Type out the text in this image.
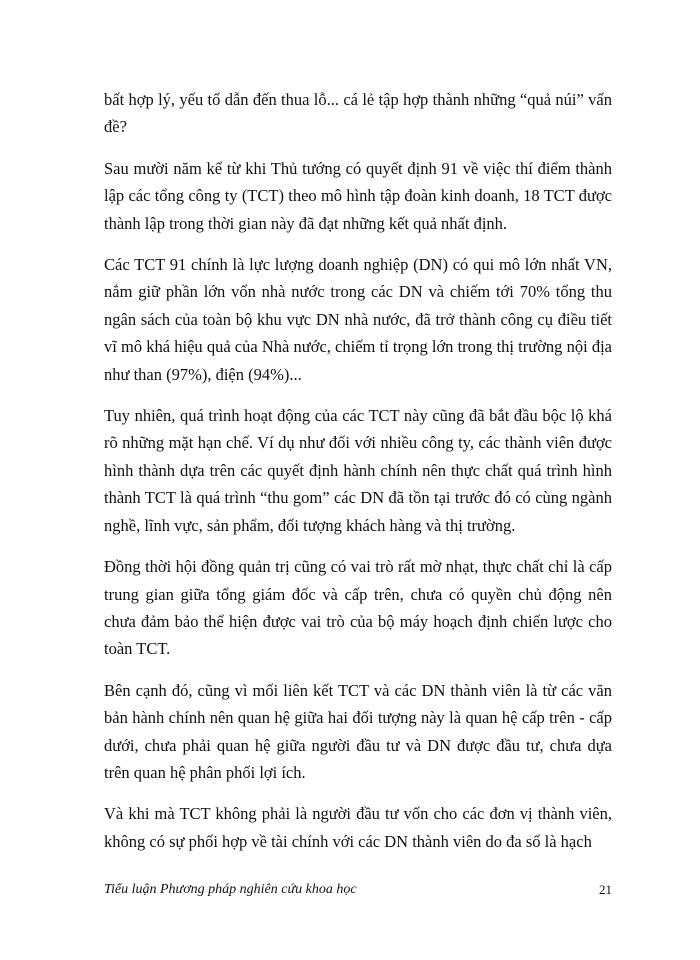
bất hợp lý, yếu tố dẫn đến thua lỗ... cá lẻ tập hợp thành những “quả núi” vấn đề?

Sau mười năm kể từ khi Thủ tướng có quyết định 91 về việc thí điểm thành lập các tổng công ty (TCT) theo mô hình tập đoàn kinh doanh, 18 TCT được thành lập trong thời gian này đã đạt những kết quả nhất định.

Các TCT 91 chính là lực lượng doanh nghiệp (DN) có qui mô lớn nhất VN, nắm giữ phần lớn vốn nhà nước trong các DN và chiếm tới 70% tổng thu ngân sách của toàn bộ khu vực DN nhà nước, đã trở thành công cụ điều tiết vĩ mô khá hiệu quả của Nhà nước, chiếm tỉ trọng lớn trong thị trường nội địa như than (97%), điện (94%)...

Tuy nhiên, quá trình hoạt động của các TCT này cũng đã bắt đầu bộc lộ khá rõ những mặt hạn chế. Ví dụ như đối với nhiều công ty, các thành viên được hình thành dựa trên các quyết định hành chính nên thực chất quá trình hình thành TCT là quá trình “thu gom” các DN đã tồn tại trước đó có cùng ngành nghề, lĩnh vực, sản phẩm, đối tượng khách hàng và thị trường.

Đồng thời hội đồng quản trị cũng có vai trò rất mờ nhạt, thực chất chỉ là cấp trung gian giữa tổng giám đốc và cấp trên, chưa có quyền chủ động nên chưa đảm bảo thể hiện được vai trò của bộ máy hoạch định chiến lược cho toàn TCT.

Bên cạnh đó, cũng vì mối liên kết TCT và các DN thành viên là từ các văn bản hành chính nên quan hệ giữa hai đối tượng này là quan hệ cấp trên - cấp dưới, chưa phải quan hệ giữa người đầu tư và DN được đầu tư, chưa dựa trên quan hệ phân phối lợi ích.

Và khi mà TCT không phải là người đầu tư vốn cho các đơn vị thành viên, không có sự phối hợp về tài chính với các DN thành viên do đa số là hạch

Tiểu luận Phương pháp nghiên cứu khoa học	21
